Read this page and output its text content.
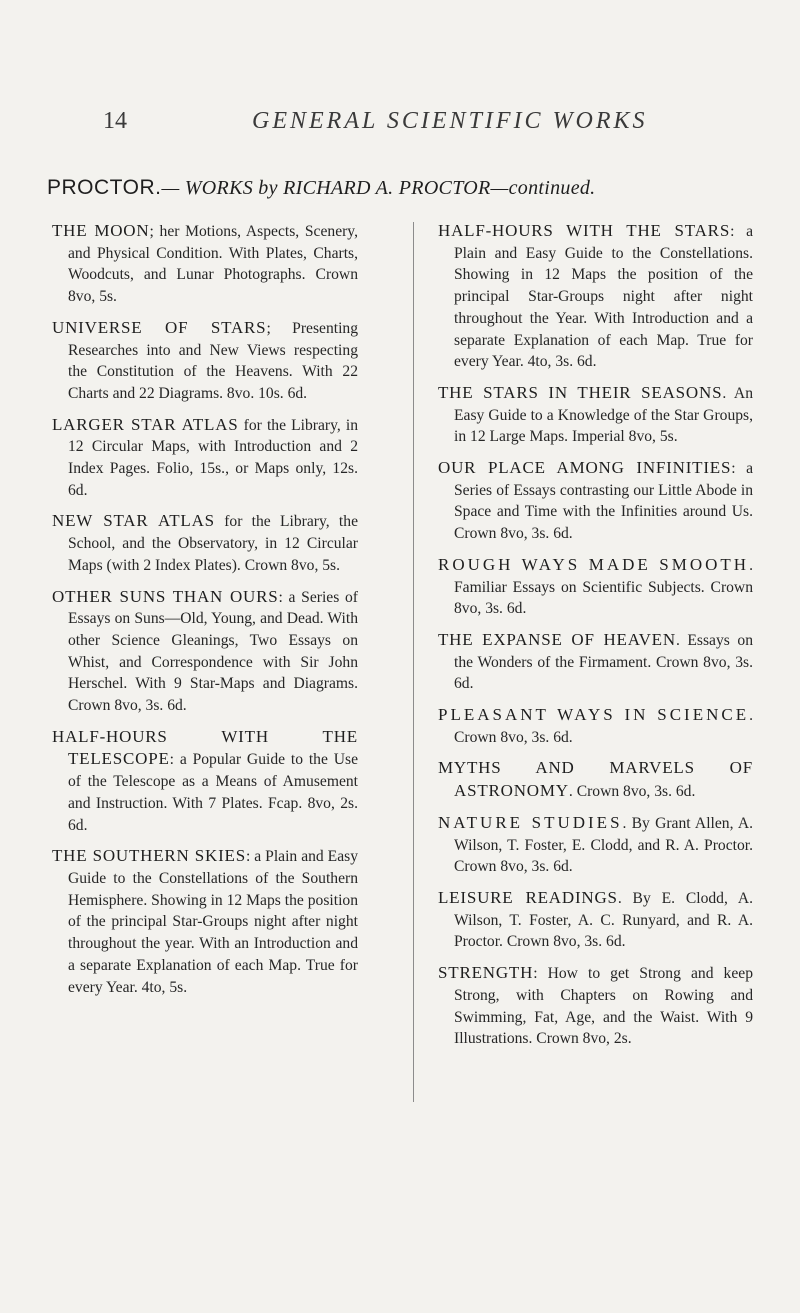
14	GENERAL SCIENTIFIC WORKS
PROCTOR.— WORKS by RICHARD A. PROCTOR—continued.

THE MOON; her Motions, Aspects, Scenery, and Physical Condition. With Plates, Charts, Woodcuts, and Lunar Photographs. Crown 8vo, 5s.

UNIVERSE OF STARS; Presenting Researches into and New Views respecting the Constitution of the Heavens. With 22 Charts and 22 Diagrams. 8vo. 10s. 6d.

LARGER STAR ATLAS for the Library, in 12 Circular Maps, with Introduction and 2 Index Pages. Folio, 15s., or Maps only, 12s. 6d.

NEW STAR ATLAS for the Library, the School, and the Observatory, in 12 Circular Maps (with 2 Index Plates). Crown 8vo, 5s.

OTHER SUNS THAN OURS: a Series of Essays on Suns—Old, Young, and Dead. With other Science Gleanings, Two Essays on Whist, and Correspondence with Sir John Herschel. With 9 Star-Maps and Diagrams. Crown 8vo, 3s. 6d.

HALF-HOURS WITH THE TELESCOPE: a Popular Guide to the Use of the Telescope as a Means of Amusement and Instruction. With 7 Plates. Fcap. 8vo, 2s. 6d.

THE SOUTHERN SKIES: a Plain and Easy Guide to the Constellations of the Southern Hemisphere. Showing in 12 Maps the position of the principal Star-Groups night after night throughout the year. With an Introduction and a separate Explanation of each Map. True for every Year. 4to, 5s.

HALF-HOURS WITH THE STARS: a Plain and Easy Guide to the Constellations. Showing in 12 Maps the position of the principal Star-Groups night after night throughout the Year. With Introduction and a separate Explanation of each Map. True for every Year. 4to, 3s. 6d.

THE STARS IN THEIR SEASONS. An Easy Guide to a Knowledge of the Star Groups, in 12 Large Maps. Imperial 8vo, 5s.

OUR PLACE AMONG INFINITIES: a Series of Essays contrasting our Little Abode in Space and Time with the Infinities around Us. Crown 8vo, 3s. 6d.

ROUGH WAYS MADE SMOOTH. Familiar Essays on Scientific Subjects. Crown 8vo, 3s. 6d.

THE EXPANSE OF HEAVEN. Essays on the Wonders of the Firmament. Crown 8vo, 3s. 6d.

PLEASANT WAYS IN SCIENCE. Crown 8vo, 3s. 6d.

MYTHS AND MARVELS OF ASTRONOMY. Crown 8vo, 3s. 6d.

NATURE STUDIES. By Grant Allen, A. Wilson, T. Foster, E. Clodd, and R. A. Proctor. Crown 8vo, 3s. 6d.

LEISURE READINGS. By E. Clodd, A. Wilson, T. Foster, A. C. Runyard, and R. A. Proctor. Crown 8vo, 3s. 6d.

STRENGTH: How to get Strong and keep Strong, with Chapters on Rowing and Swimming, Fat, Age, and the Waist. With 9 Illustrations. Crown 8vo, 2s.
